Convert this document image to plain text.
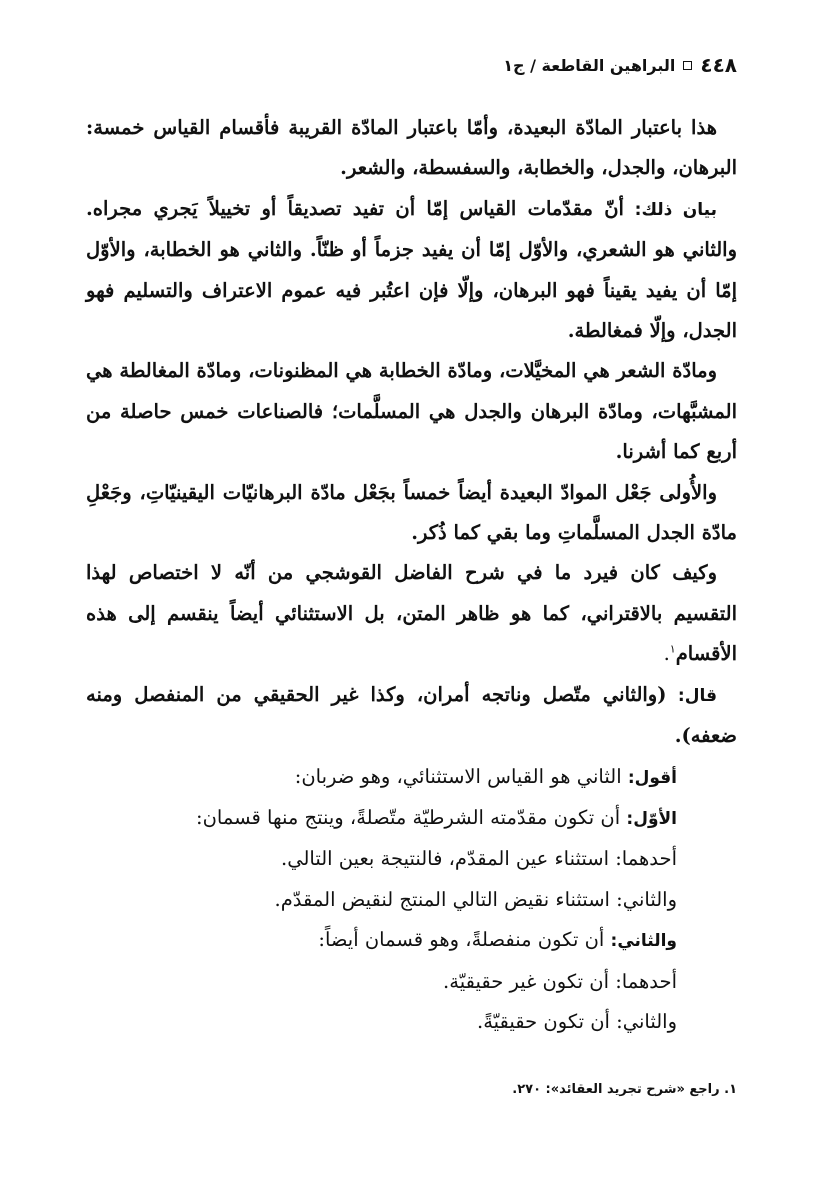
٤٤٨
البراهين القاطعة / ج١

هذا باعتبار المادّة البعيدة، وأمّا باعتبار المادّة القريبة فأقسام القياس خمسة: البرهان، والجدل، والخطابة، والسفسطة، والشعر.

بيان ذلك: أنّ مقدّمات القياس إمّا أن تفيد تصديقاً أو تخييلاً يَجري مجراه. والثاني هو الشعري، والأوّل إمّا أن يفيد جزماً أو ظنّاً. والثاني هو الخطابة، والأوّل إمّا أن يفيد يقيناً فهو البرهان، وإلّا فإن اعتُبر فيه عموم الاعتراف والتسليم فهو الجدل، وإلّا فمغالطة.

ومادّة الشعر هي المخيَّلات، ومادّة الخطابة هي المظنونات، ومادّة المغالطة هي المشبَّهات، ومادّة البرهان والجدل هي المسلَّمات؛ فالصناعات خمس حاصلة من أربع كما أشرنا.

والأُولى جَعْل الموادّ البعيدة أيضاً خمساً بجَعْل مادّة البرهانيّات اليقينيّاتِ، وجَعْلِ مادّة الجدل المسلَّماتِ وما بقي كما ذُكر.

وكيف كان فيرد ما في شرح الفاضل القوشجي من أنّه لا اختصاص لهذا التقسيم بالاقتراني، كما هو ظاهر المتن، بل الاستثنائي أيضاً ينقسم إلى هذه الأقسام$^١$.

قال: (والثاني متّصل وناتجه أمران، وكذا غير الحقيقي من المنفصل ومنه ضعفه).

أقول: الثاني هو القياس الاستثنائي، وهو ضربان:
الأوّل: أن تكون مقدّمته الشرطيّة متّصلةً، وينتج منها قسمان:
أحدهما: استثناء عين المقدّم، فالنتيجة بعين التالي.
والثاني: استثناء نقيض التالي المنتج لنقيض المقدّم.
والثاني: أن تكون منفصلةً، وهو قسمان أيضاً:
أحدهما: أن تكون غير حقيقيّة.
والثاني: أن تكون حقيقيّةً.
١. راجع «شرح تجريد العقائد»: ٢٧٠.
